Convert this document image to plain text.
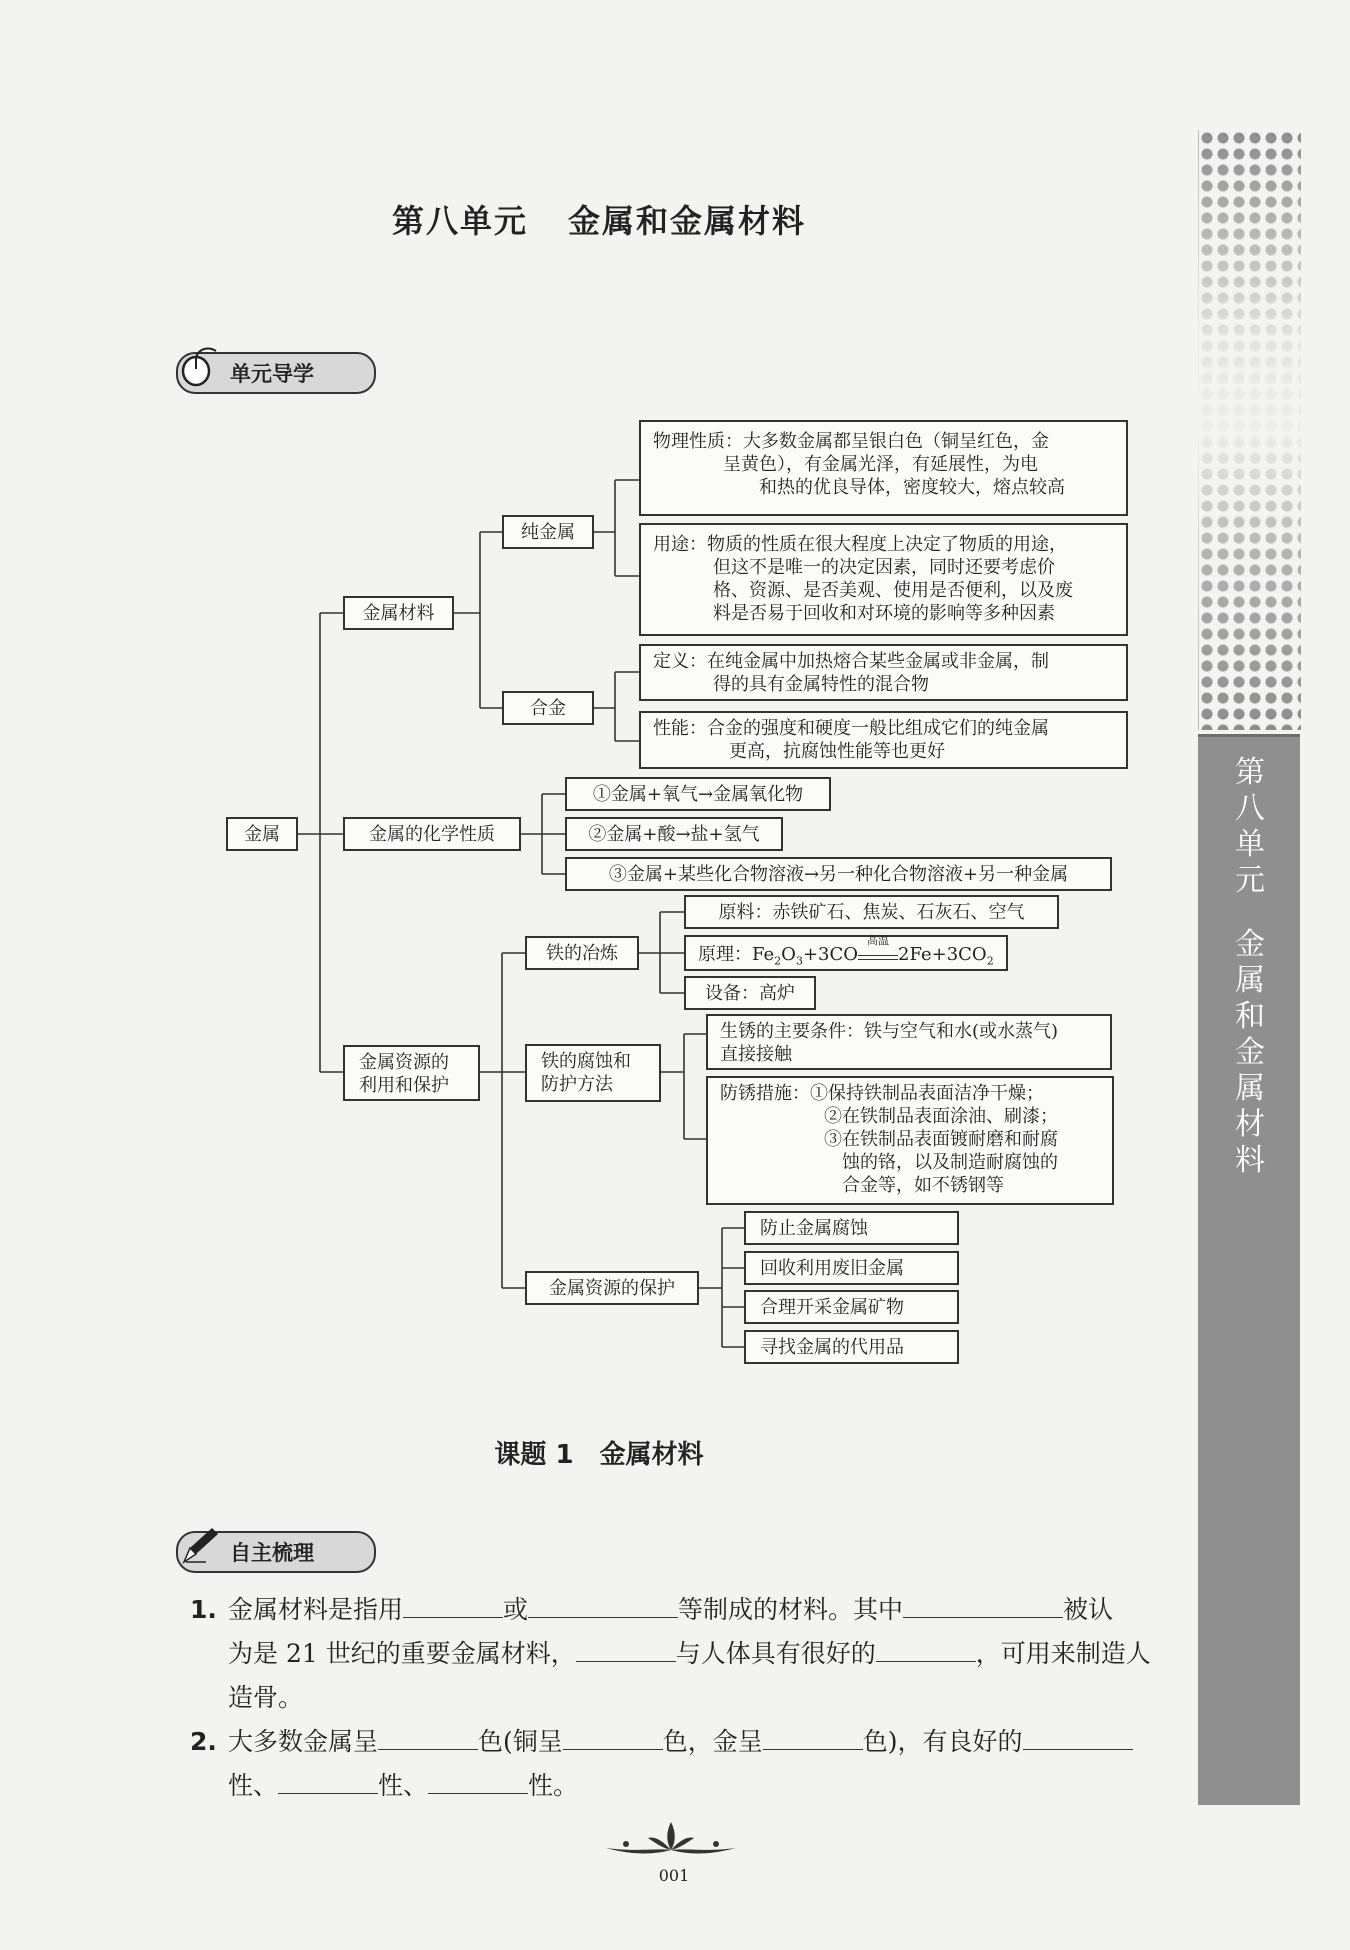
第
八
单
元
金
属
和
金
属
材
料
第八单元 金属和金属材料
单元导学
金属
金属材料
金属的化学性质
金属资源的
利用和保护
纯金属
合金
物理性质：大多数金属都呈银白色（铜呈红色，金
呈黄色），有金属光泽，有延展性，为电
和热的优良导体，密度较大，熔点较高
用途：物质的性质在很大程度上决定了物质的用途，
但这不是唯一的决定因素，同时还要考虑价
格、资源、是否美观、使用是否便利，以及废
料是否易于回收和对环境的影响等多种因素
定义：在纯金属中加热熔合某些金属或非金属，制
得的具有金属特性的混合物
性能：合金的强度和硬度一般比组成它们的纯金属
更高，抗腐蚀性能等也更好
①金属+氧气→金属氧化物
②金属+酸→盐+氢气
③金属+某些化合物溶液→另一种化合物溶液+另一种金属
铁的冶炼
铁的腐蚀和
防护方法
金属资源的保护
原料：赤铁矿石、焦炭、石灰石、空气
原理：$Fe_2O_3+3CO$
高温
$2Fe+3CO_2$
设备：高炉
生锈的主要条件：铁与空气和水(或水蒸气)
直接接触
防锈措施：①保持铁制品表面洁净干燥；
②在铁制品表面涂油、刷漆；
③在铁制品表面镀耐磨和耐腐
蚀的铬，以及制造耐腐蚀的
合金等，如不锈钢等
防止金属腐蚀
回收利用废旧金属
合理开采金属矿物
寻找金属的代用品
课题 1 金属材料
自主梳理
1. 金属材料是指用	或	等制成的材料。其中	被认
为是 21 世纪的重要金属材料，	与人体具有很好的	，可用来制造人
造骨。
2. 大多数金属呈	色(铜呈	色，金呈	色)，有良好的
性、	性、	性。
001
